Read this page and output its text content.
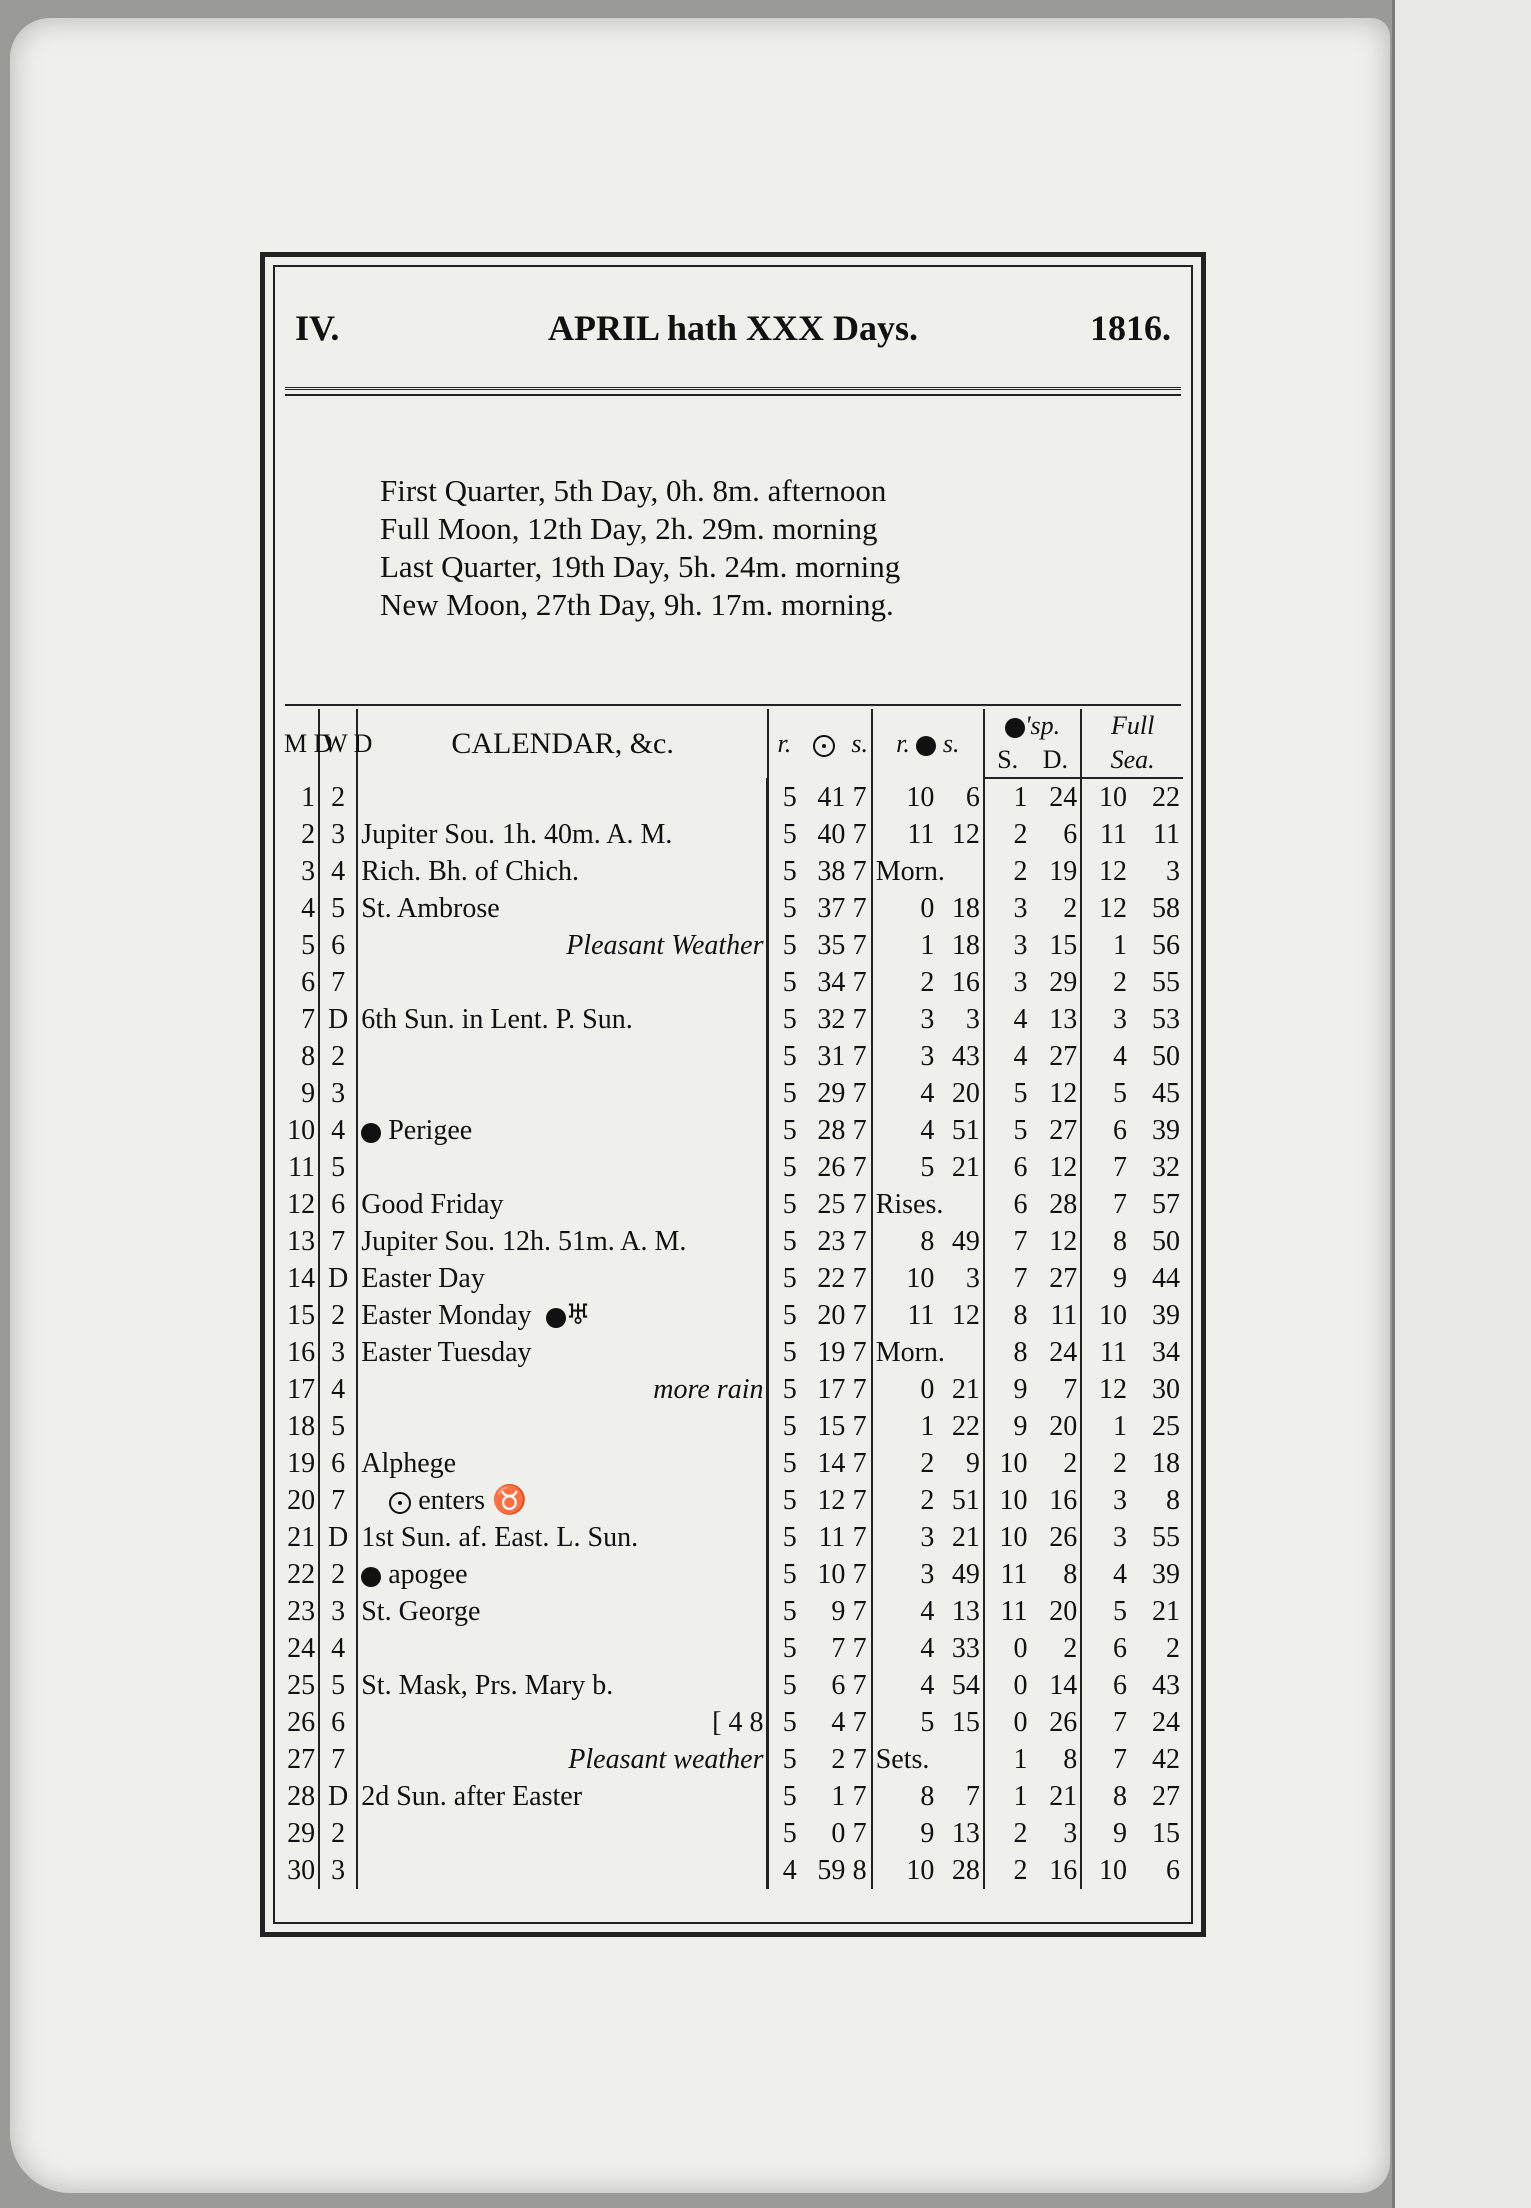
IV.	APRIL hath XXX Days.	1816.
First Quarter, 5th Day, 0h. 8m. afternoon
Full Moon, 12th Day, 2h. 29m. morning
Last Quarter, 19th Day, 5h. 24m. morning
New Moon, 27th Day, 9h. 17m. morning.
M D	W D	CALENDAR, &c.	r.		s.	r. s.		'sp.		Full	
								S.	D.	Sea.	
1	2		5	41	7	10	6	1	24	10	22
2	3	Jupiter Sou. 1h. 40m. A. M.	5	40	7	11	12	2	6	11	11
3	4	Rich. Bh. of Chich.	5	38	7	Morn.		2	19	12	3
4	5	St. Ambrose	5	37	7	0	18	3	2	12	58
5	6	Pleasant Weather	5	35	7	1	18	3	15	1	56
6	7		5	34	7	2	16	3	29	2	55
7	D	6th Sun. in Lent. P. Sun.	5	32	7	3	3	4	13	3	53
8	2		5	31	7	3	43	4	27	4	50
9	3		5	29	7	4	20	5	12	5	45
10	4	Perigee	5	28	7	4	51	5	27	6	39
11	5		5	26	7	5	21	6	12	7	32
12	6	Good Friday	5	25	7	Rises.		6	28	7	57
13	7	Jupiter Sou. 12h. 51m. A. M.	5	23	7	8	49	7	12	8	50
14	D	Easter Day	5	22	7	10	3	7	27	9	44
15	2	Easter Monday ♅	5	20	7	11	12	8	11	10	39
16	3	Easter Tuesday	5	19	7	Morn.		8	24	11	34
17	4	more rain	5	17	7	0	21	9	7	12	30
18	5		5	15	7	1	22	9	20	1	25
19	6	Alphege	5	14	7	2	9	10	2	2	18
20	7	enters ♉	5	12	7	2	51	10	16	3	8
21	D	1st Sun. af. East. L. Sun.	5	11	7	3	21	10	26	3	55
22	2	apogee	5	10	7	3	49	11	8	4	39
23	3	St. George	5	9	7	4	13	11	20	5	21
24	4		5	7	7	4	33	0	2	6	2
25	5	St. Mask, Prs. Mary b.	5	6	7	4	54	0	14	6	43
26	6	[ 4 8	5	4	7	5	15	0	26	7	24
27	7	Pleasant weather	5	2	7	Sets.		1	8	7	42
28	D	2d Sun. after Easter	5	1	7	8	7	1	21	8	27
29	2		5	0	7	9	13	2	3	9	15
30	3		4	59	8	10	28	2	16	10	6
